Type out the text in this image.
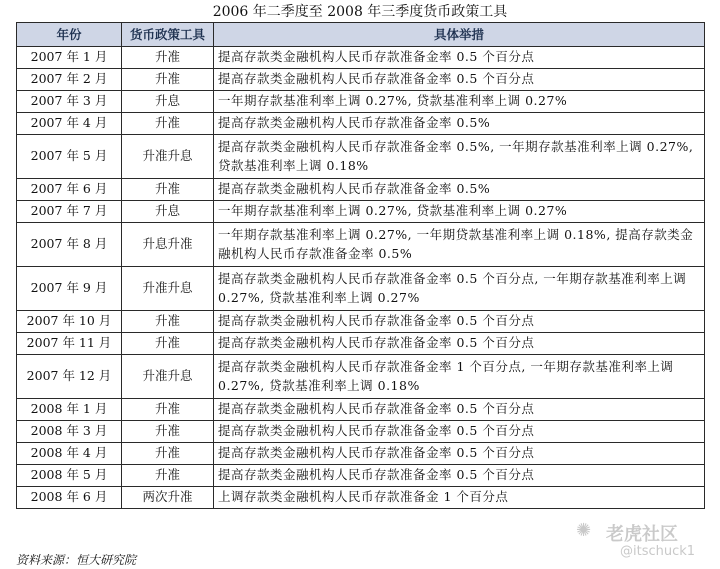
2006 年二季度至 2008 年三季度货币政策工具
年份	货币政策工具	具体举措
2007 年 1 月	升准	提高存款类金融机构人民币存款准备金率 0.5 个百分点
2007 年 2 月	升准	提高存款类金融机构人民币存款准备金率 0.5 个百分点
2007 年 3 月	升息	一年期存款基准利率上调 0.27%, 贷款基准利率上调 0.27%
2007 年 4 月	升准	提高存款类金融机构人民币存款准备金率 0.5%
2007 年 5 月	升准升息	提高存款类金融机构人民币存款准备金率 0.5%, 一年期存款基准利率上调 0.27%, 贷款基准利率上调 0.18%
2007 年 6 月	升准	提高存款类金融机构人民币存款准备金率 0.5%
2007 年 7 月	升息	一年期存款基准利率上调 0.27%, 贷款基准利率上调 0.27%
2007 年 8 月	升息升准	一年期存款基准利率上调 0.27%, 一年期贷款基准利率上调 0.18%, 提高存款类金融机构人民币存款准备金率 0.5%
2007 年 9 月	升准升息	提高存款类金融机构人民币存款准备金率 0.5 个百分点, 一年期存款基准利率上调 0.27%, 贷款基准利率上调 0.27%
2007 年 10 月	升准	提高存款类金融机构人民币存款准备金率 0.5 个百分点
2007 年 11 月	升准	提高存款类金融机构人民币存款准备金率 0.5 个百分点
2007 年 12 月	升准升息	提高存款类金融机构人民币存款准备金率 1 个百分点, 一年期存款基准利率上调 0.27%, 贷款基准利率上调 0.18%
2008 年 1 月	升准	提高存款类金融机构人民币存款准备金率 0.5 个百分点
2008 年 3 月	升准	提高存款类金融机构人民币存款准备金率 0.5 个百分点
2008 年 4 月	升准	提高存款类金融机构人民币存款准备金率 0.5 个百分点
2008 年 5 月	升准	提高存款类金融机构人民币存款准备金率 0.5 个百分点
2008 年 6 月	两次升准	上调存款类金融机构人民币存款准备金 1 个百分点
资料来源：恒大研究院
✺ 老虎社区
@itschuck1
